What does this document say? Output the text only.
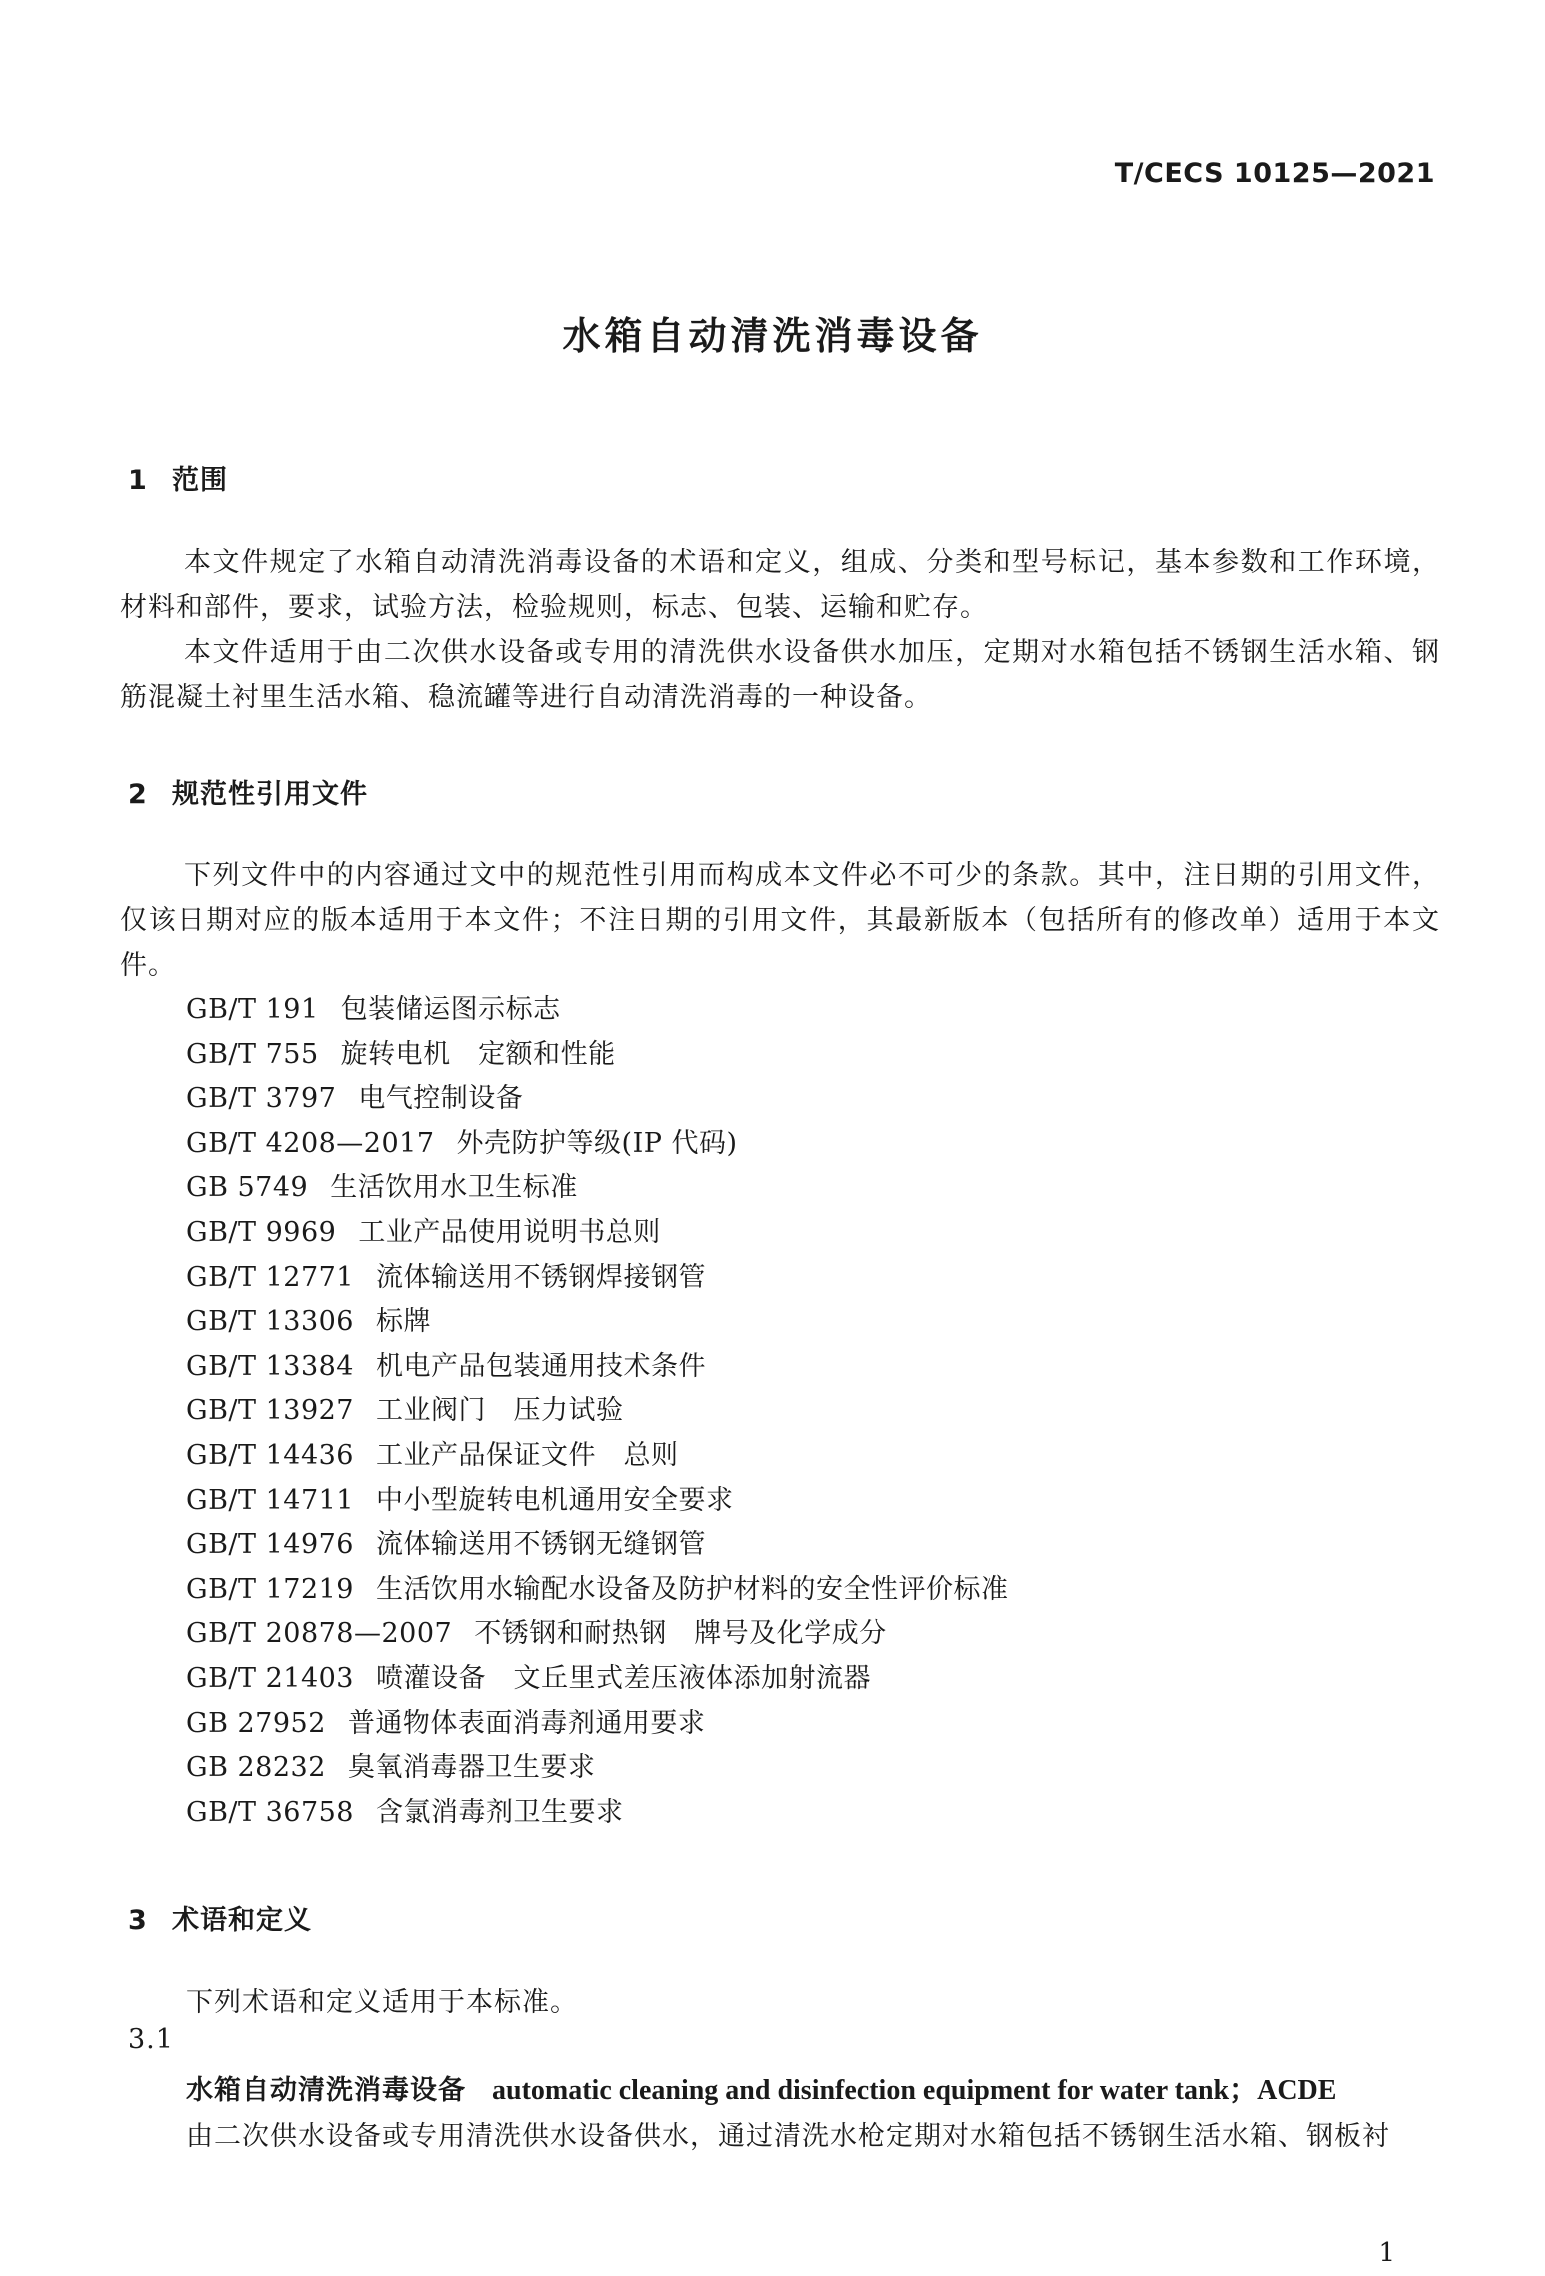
T/CECS 10125—2021
水箱自动清洗消毒设备
1 范围
本文件规定了水箱自动清洗消毒设备的术语和定义，组成、分类和型号标记，基本参数和工作环境，材料和部件，要求，试验方法，检验规则，标志、包装、运输和贮存。
本文件适用于由二次供水设备或专用的清洗供水设备供水加压，定期对水箱包括不锈钢生活水箱、钢筋混凝土衬里生活水箱、稳流罐等进行自动清洗消毒的一种设备。
2 规范性引用文件
下列文件中的内容通过文中的规范性引用而构成本文件必不可少的条款。其中，注日期的引用文件，仅该日期对应的版本适用于本文件；不注日期的引用文件，其最新版本（包括所有的修改单）适用于本文件。
GB/T 191 包装储运图示标志
GB/T 755 旋转电机　定额和性能
GB/T 3797 电气控制设备
GB/T 4208—2017 外壳防护等级(IP 代码)
GB 5749 生活饮用水卫生标准
GB/T 9969 工业产品使用说明书总则
GB/T 12771 流体输送用不锈钢焊接钢管
GB/T 13306 标牌
GB/T 13384 机电产品包装通用技术条件
GB/T 13927 工业阀门　压力试验
GB/T 14436 工业产品保证文件　总则
GB/T 14711 中小型旋转电机通用安全要求
GB/T 14976 流体输送用不锈钢无缝钢管
GB/T 17219 生活饮用水输配水设备及防护材料的安全性评价标准
GB/T 20878—2007 不锈钢和耐热钢　牌号及化学成分
GB/T 21403 喷灌设备　文丘里式差压液体添加射流器
GB 27952 普通物体表面消毒剂通用要求
GB 28232 臭氧消毒器卫生要求
GB/T 36758 含氯消毒剂卫生要求
3 术语和定义
下列术语和定义适用于本标准。
3.1
水箱自动清洗消毒设备 automatic cleaning and disinfection equipment for water tank；ACDE
由二次供水设备或专用清洗供水设备供水，通过清洗水枪定期对水箱包括不锈钢生活水箱、钢板衬
1
